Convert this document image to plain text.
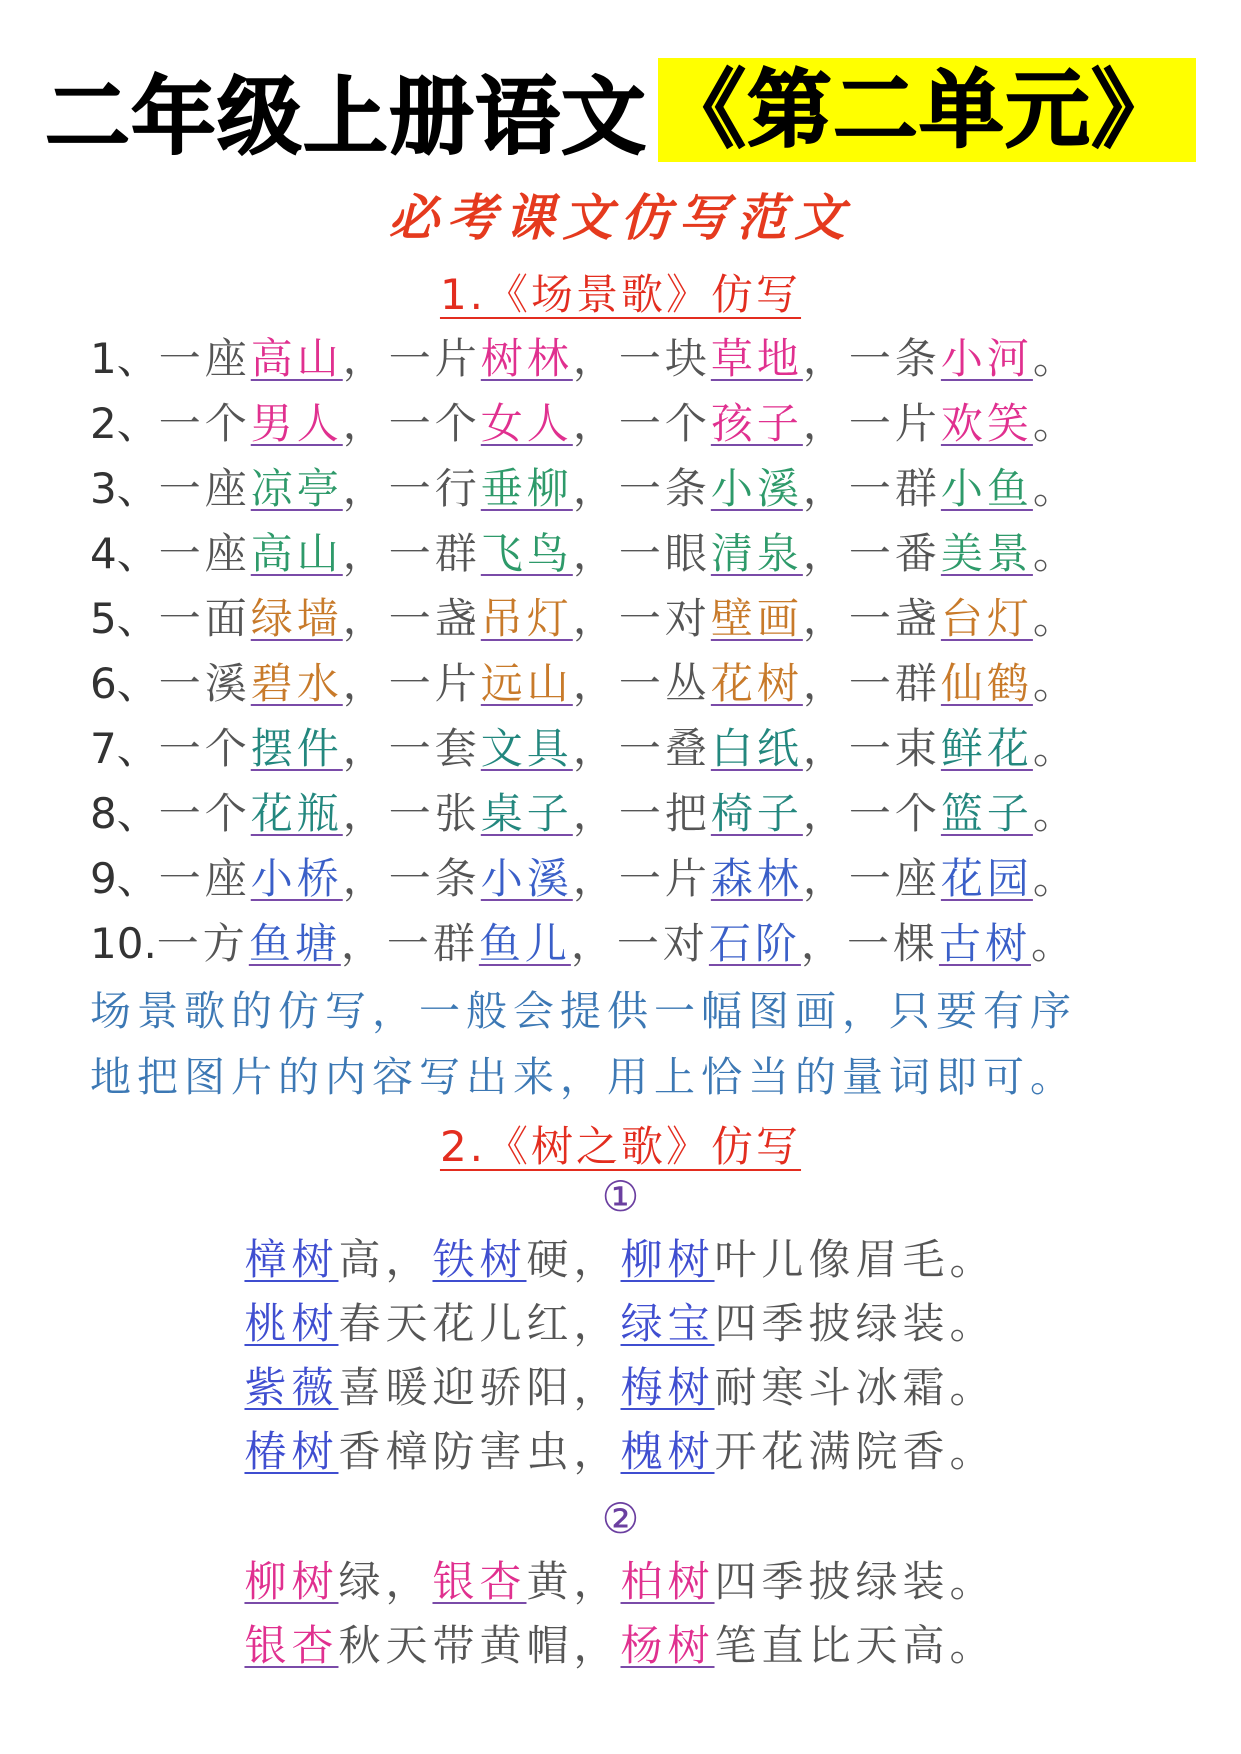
二年级上册语文 《第二单元》
必考课文仿写范文
1.《场景歌》仿写
1、一座高山，一片树林，一块草地，一条小河。
2、一个男人，一个女人，一个孩子，一片欢笑。
3、一座凉亭，一行垂柳，一条小溪，一群小鱼。
4、一座高山，一群飞鸟，一眼清泉，一番美景。
5、一面绿墙，一盏吊灯，一对壁画，一盏台灯。
6、一溪碧水，一片远山，一丛花树，一群仙鹤。
7、一个摆件，一套文具，一叠白纸，一束鲜花。
8、一个花瓶，一张桌子，一把椅子，一个篮子。
9、一座小桥，一条小溪，一片森林，一座花园。
10.一方鱼塘，一群鱼儿，一对石阶，一棵古树。
场景歌的仿写，一般会提供一幅图画，只要有序
地把图片的内容写出来，用上恰当的量词即可。
2.《树之歌》仿写
①
樟树高，铁树硬，柳树叶儿像眉毛。
桃树春天花儿红，绿宝四季披绿装。
紫薇喜暖迎骄阳，梅树耐寒斗冰霜。
椿树香樟防害虫，槐树开花满院香。
②
柳树绿，银杏黄，柏树四季披绿装。
银杏秋天带黄帽，杨树笔直比天高。
